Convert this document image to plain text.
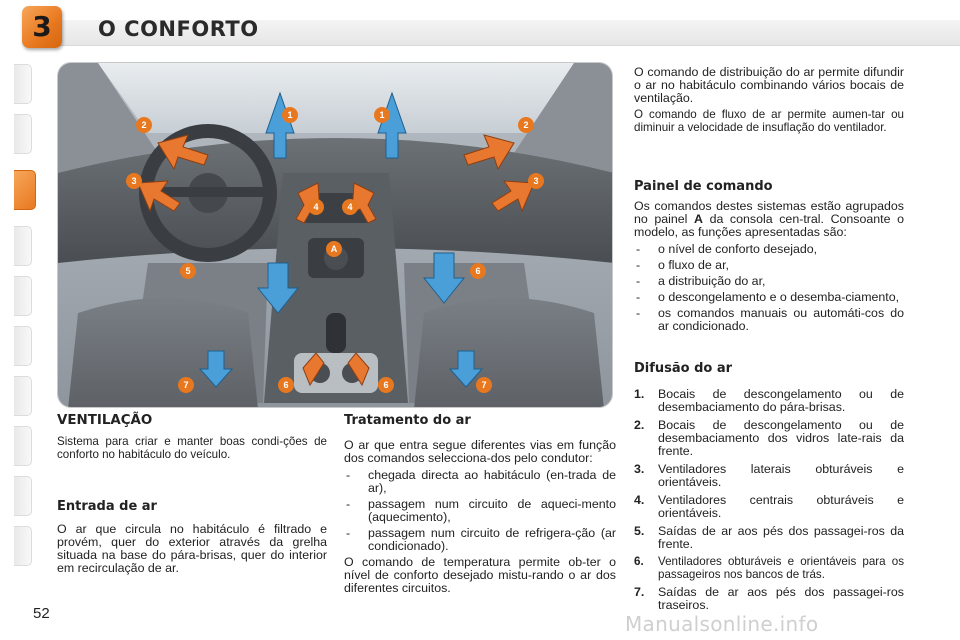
3	O CONFORTO
1	1
2	2
3	3
4	4
5	6
6	6
7	7
A
VENTILAÇÃO

Sistema para criar e manter boas condi-ções de conforto no habitáculo do veículo.

Entrada de ar

O ar que circula no habitáculo é filtrado e provém, quer do exterior através da grelha situada na base do pára-brisas, quer do interior em recirculação de ar.

Tratamento do ar

O ar que entra segue diferentes vias em função dos comandos selecciona-dos pelo condutor:

- chegada directa ao habitáculo (en-trada de ar),
- passagem num circuito de aqueci-mento (aquecimento),
- passagem num circuito de refrigera-ção (ar condicionado).

O comando de temperatura permite ob-ter o nível de conforto desejado mistu-rando o ar dos diferentes circuitos.

O comando de distribuição do ar permite difundir o ar no habitáculo combinando vários bocais de ventilação.

O comando de fluxo de ar permite aumen-tar ou diminuir a velocidade de insuflação do ventilador.

Painel de comando

Os comandos destes sistemas estão agrupados no painel A da consola cen-tral. Consoante o modelo, as funções apresentadas são:

- o nível de conforto desejado,
- o fluxo de ar,
- a distribuição do ar,
- o descongelamento e o desemba-ciamento,
- os comandos manuais ou automáti-cos do ar condicionado.
Difusão do ar
1. Bocais de descongelamento ou de desembaciamento do pára-brisas.
2. Bocais de descongelamento ou de desembaciamento dos vidros late-rais da frente.
3. Ventiladores laterais obturáveis e orientáveis.
4. Ventiladores centrais obturáveis e orientáveis.
5. Saídas de ar aos pés dos passagei-ros da frente.
6. Ventiladores obturáveis e orientáveis para os passageiros nos bancos de trás.
7. Saídas de ar aos pés dos passagei-ros traseiros.
52	Manualsonline.info
